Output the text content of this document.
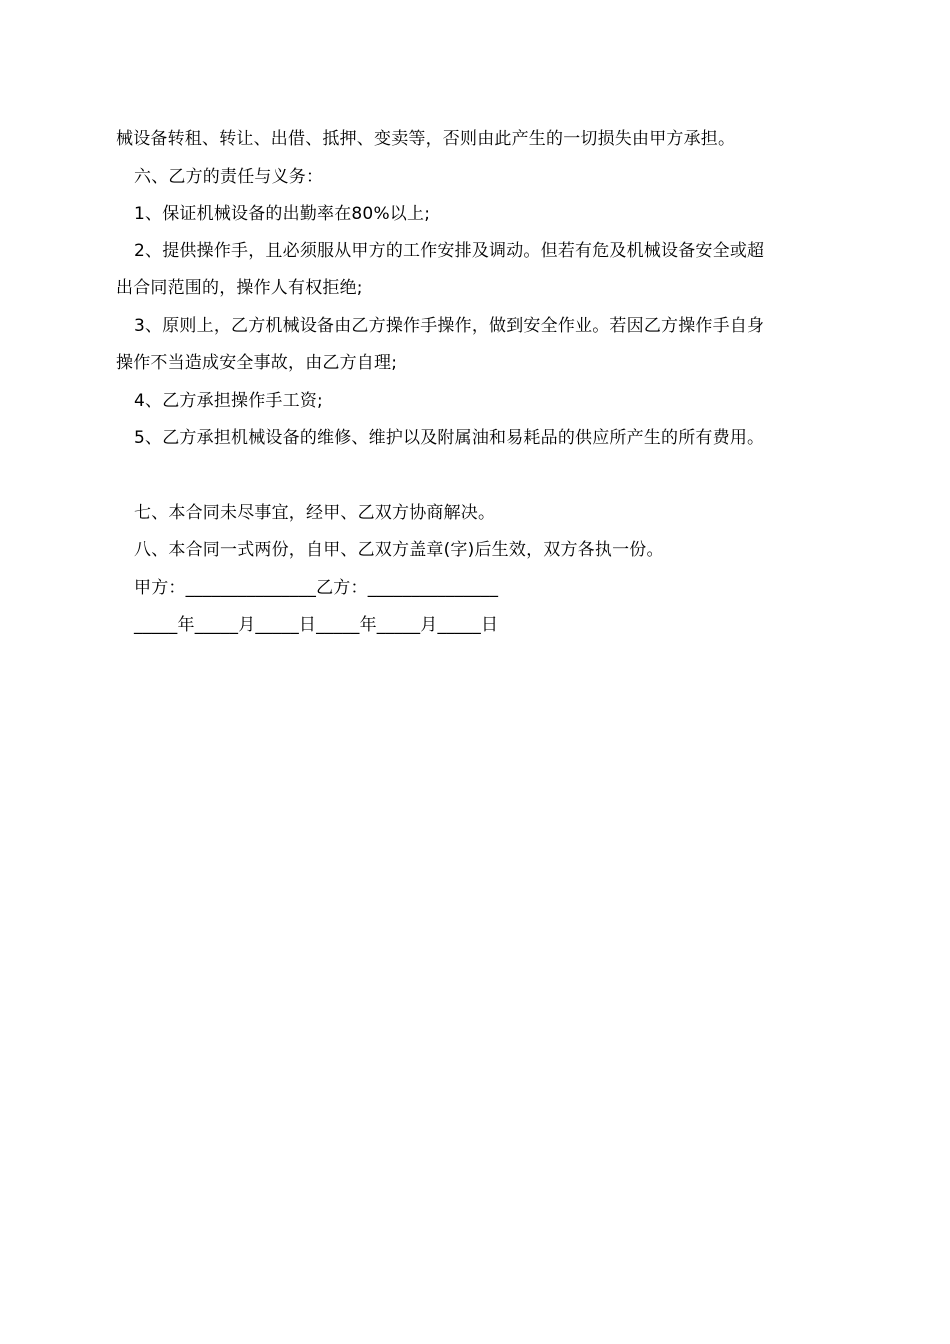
械设备转租、转让、出借、抵押、变卖等，否则由此产生的一切损失由甲方承担。
六、乙方的责任与义务：
1、保证机械设备的出勤率在80%以上;
2、提供操作手，且必须服从甲方的工作安排及调动。但若有危及机械设备安全或超
出合同范围的，操作人有权拒绝;
3、原则上，乙方机械设备由乙方操作手操作，做到安全作业。若因乙方操作手自身
操作不当造成安全事故，由乙方自理;
4、乙方承担操作手工资;
5、乙方承担机械设备的维修、维护以及附属油和易耗品的供应所产生的所有费用。
七、本合同未尽事宜，经甲、乙双方协商解决。
八、本合同一式两份，自甲、乙双方盖章(字)后生效，双方各执一份。
甲方：_______________乙方：_______________
_____年_____月_____日_____年_____月_____日
